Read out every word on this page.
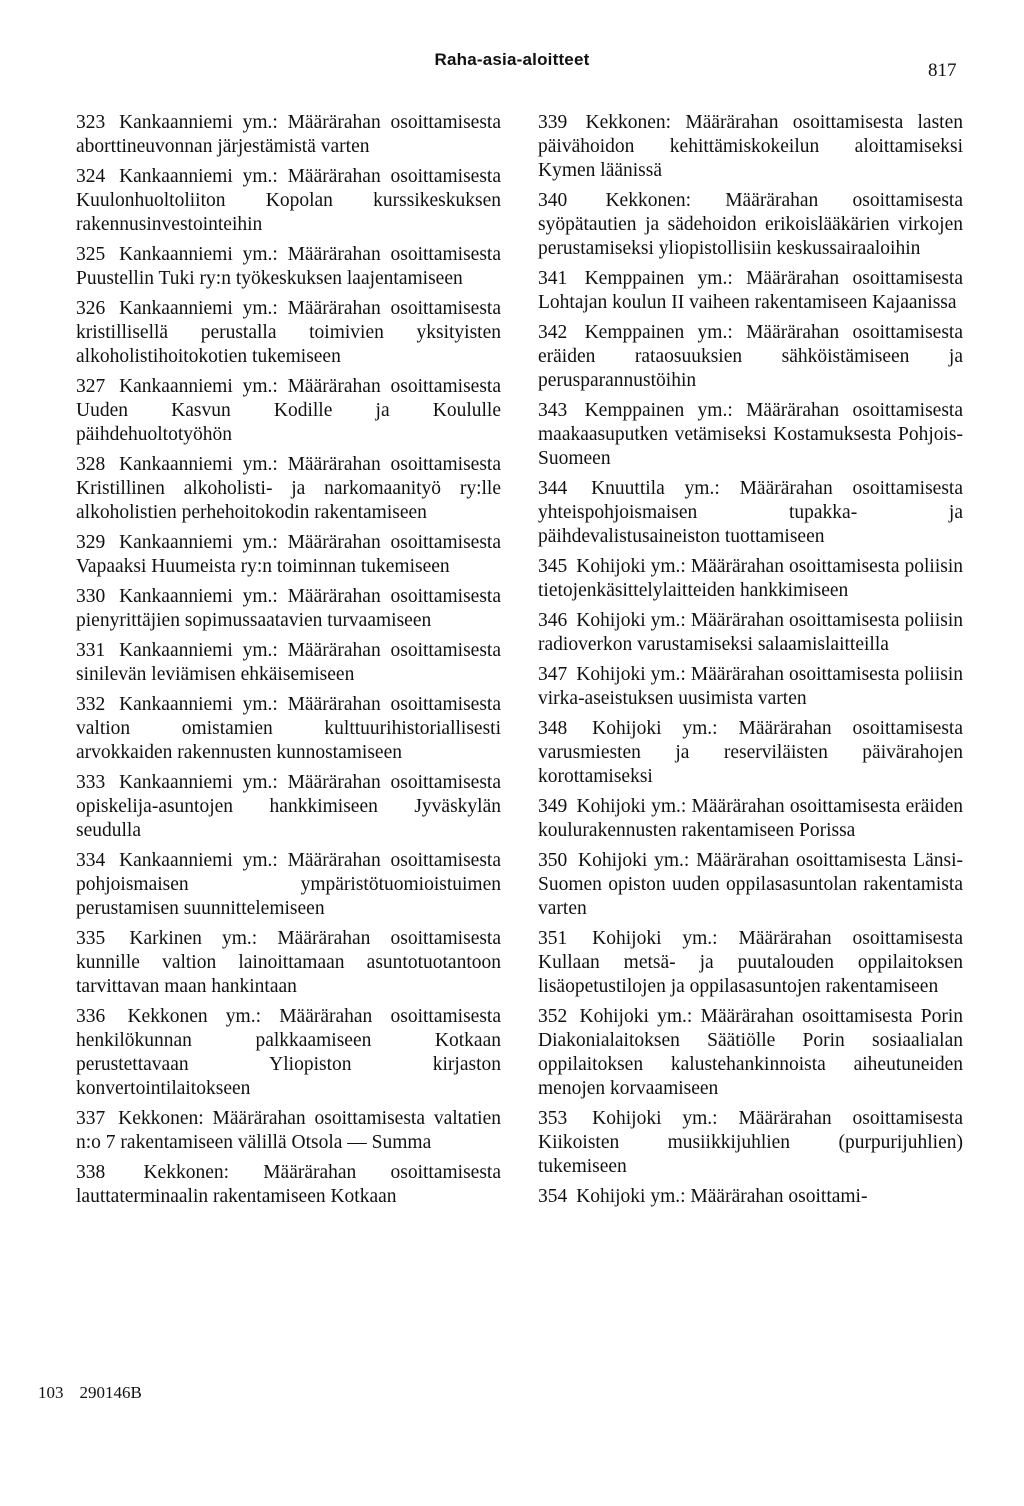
Raha-asia-aloitteet
817

323 Kankaanniemi ym.: Määrärahan osoittamisesta aborttineuvonnan järjestämistä varten

324 Kankaanniemi ym.: Määrärahan osoittamisesta Kuulonhuoltoliiton Kopolan kurssikeskuksen rakennusinvestointeihin

325 Kankaanniemi ym.: Määrärahan osoittamisesta Puustellin Tuki ry:n työkeskuksen laajentamiseen

326 Kankaanniemi ym.: Määrärahan osoittamisesta kristillisellä perustalla toimivien yksityisten alkoholistihoitokotien tukemiseen

327 Kankaanniemi ym.: Määrärahan osoittamisesta Uuden Kasvun Kodille ja Koululle päihdehuoltotyöhön

328 Kankaanniemi ym.: Määrärahan osoittamisesta Kristillinen alkoholisti- ja narkomaanityö ry:lle alkoholistien perhehoitokodin rakentamiseen

329 Kankaanniemi ym.: Määrärahan osoittamisesta Vapaaksi Huumeista ry:n toiminnan tukemiseen

330 Kankaanniemi ym.: Määrärahan osoittamisesta pienyrittäjien sopimussaatavien turvaamiseen

331 Kankaanniemi ym.: Määrärahan osoittamisesta sinilevän leviämisen ehkäisemiseen

332 Kankaanniemi ym.: Määrärahan osoittamisesta valtion omistamien kulttuurihistoriallisesti arvokkaiden rakennusten kunnostamiseen

333 Kankaanniemi ym.: Määrärahan osoittamisesta opiskelija-asuntojen hankkimiseen Jyväskylän seudulla

334 Kankaanniemi ym.: Määrärahan osoittamisesta pohjoismaisen ympäristötuomioistuimen perustamisen suunnittelemiseen

335 Karkinen ym.: Määrärahan osoittamisesta kunnille valtion lainoittamaan asuntotuotantoon tarvittavan maan hankintaan

336 Kekkonen ym.: Määrärahan osoittamisesta henkilökunnan palkkaamiseen Kotkaan perustettavaan Yliopiston kirjaston konvertointilaitokseen

337 Kekkonen: Määrärahan osoittamisesta valtatien n:o 7 rakentamiseen välillä Otsola — Summa

338 Kekkonen: Määrärahan osoittamisesta lauttaterminaalin rakentamiseen Kotkaan

339 Kekkonen: Määrärahan osoittamisesta lasten päivähoidon kehittämiskokeilun aloittamiseksi Kymen läänissä

340 Kekkonen: Määrärahan osoittamisesta syöpätautien ja sädehoidon erikoislääkärien virkojen perustamiseksi yliopistollisiin keskussairaaloihin

341 Kemppainen ym.: Määrärahan osoittamisesta Lohtajan koulun II vaiheen rakentamiseen Kajaanissa

342 Kemppainen ym.: Määrärahan osoittamisesta eräiden rataosuuksien sähköistämiseen ja perusparannustöihin

343 Kemppainen ym.: Määrärahan osoittamisesta maakaasuputken vetämiseksi Kostamuksesta Pohjois-Suomeen

344 Knuuttila ym.: Määrärahan osoittamisesta yhteispohjoismaisen tupakka- ja päihdevalistusaineiston tuottamiseen

345 Kohijoki ym.: Määrärahan osoittamisesta poliisin tietojenkäsittelylaitteiden hankkimiseen

346 Kohijoki ym.: Määrärahan osoittamisesta poliisin radioverkon varustamiseksi salaamislaitteilla

347 Kohijoki ym.: Määrärahan osoittamisesta poliisin virka-aseistuksen uusimista varten

348 Kohijoki ym.: Määrärahan osoittamisesta varusmiesten ja reserviläisten päivärahojen korottamiseksi

349 Kohijoki ym.: Määrärahan osoittamisesta eräiden koulurakennusten rakentamiseen Porissa

350 Kohijoki ym.: Määrärahan osoittamisesta Länsi-Suomen opiston uuden oppilasasuntolan rakentamista varten

351 Kohijoki ym.: Määrärahan osoittamisesta Kullaan metsä- ja puutalouden oppilaitoksen lisäopetustilojen ja oppilasasuntojen rakentamiseen

352 Kohijoki ym.: Määrärahan osoittamisesta Porin Diakonialaitoksen Säätiölle Porin sosiaalialan oppilaitoksen kalustehankinnoista aiheutuneiden menojen korvaamiseen

353 Kohijoki ym.: Määrärahan osoittamisesta Kiikoisten musiikkijuhlien (purpurijuhlien) tukemiseen

354 Kohijoki ym.: Määrärahan osoittami-

103 290146B
